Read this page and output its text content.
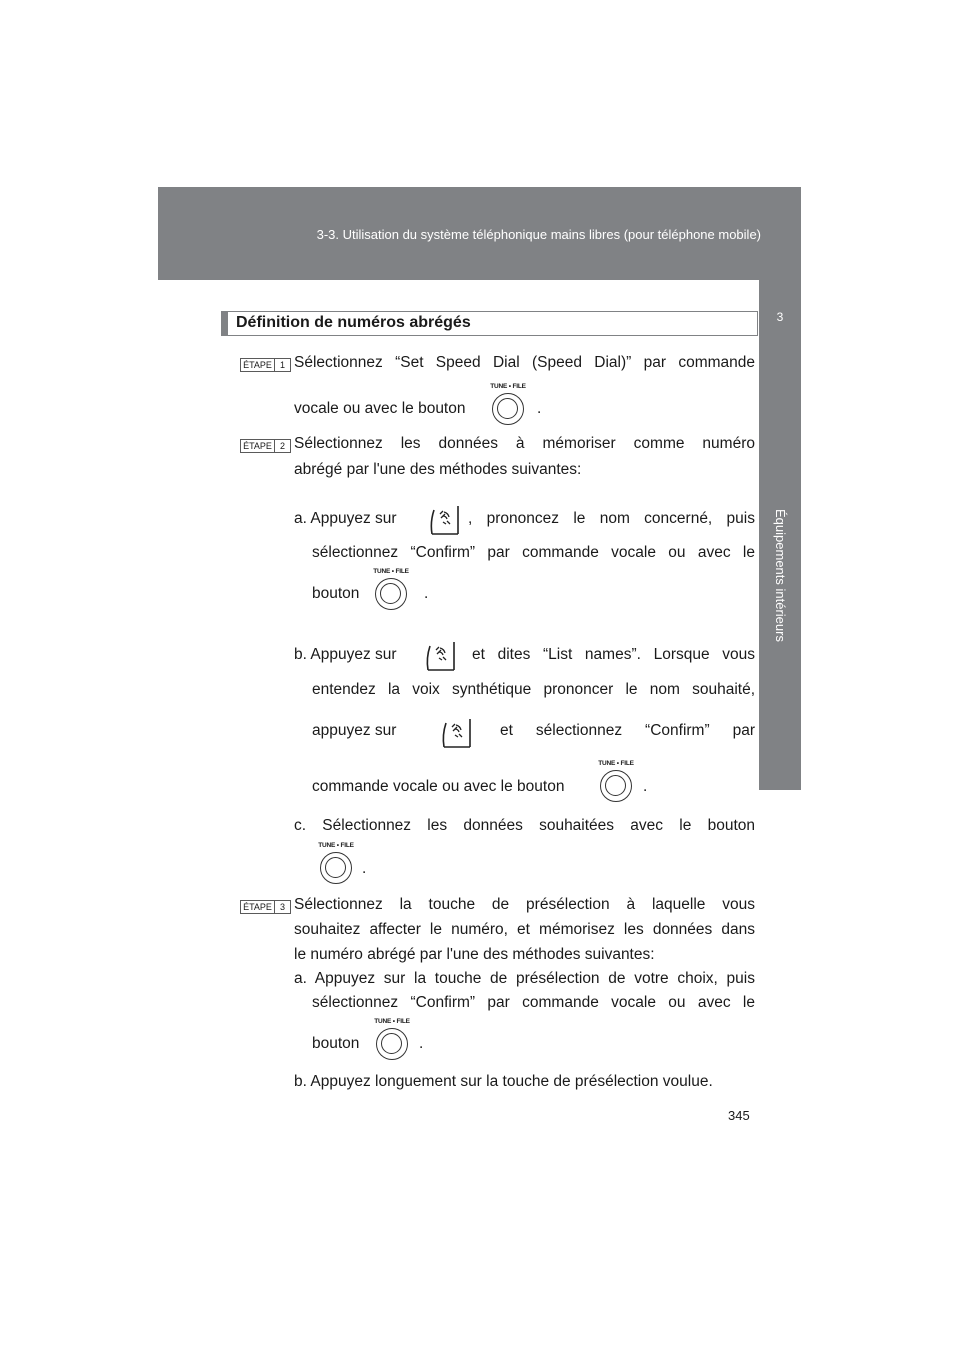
3-3. Utilisation du système téléphonique mains libres (pour téléphone mobile)
3
Équipements intérieurs
Définition de numéros abrégés
ÉTAPE 1 Sélectionnez “Set Speed Dial (Speed Dial)” par commande
vocale ou avec le bouton
TUNE • FILE
.
ÉTAPE 2 Sélectionnez les données à mémoriser comme numéro
abrégé par l'une des méthodes suivantes:
a. Appuyez sur	, prononcez le nom concerné, puis
sélectionnez “Confirm” par commande vocale ou avec le
bouton
TUNE • FILE
.
b. Appuyez sur	et dites “List names”. Lorsque vous
entendez la voix synthétique prononcer le nom souhaité,
appuyez sur	et sélectionnez “Confirm” par
commande vocale ou avec le bouton
TUNE • FILE
.
c. Sélectionnez les données souhaitées avec le bouton
TUNE • FILE
.
ÉTAPE 3 Sélectionnez la touche de présélection à laquelle vous
souhaitez affecter le numéro, et mémorisez les données dans
le numéro abrégé par l'une des méthodes suivantes:
a. Appuyez sur la touche de présélection de votre choix, puis
sélectionnez “Confirm” par commande vocale ou avec le
bouton
TUNE • FILE
.
b. Appuyez longuement sur la touche de présélection voulue.
345
